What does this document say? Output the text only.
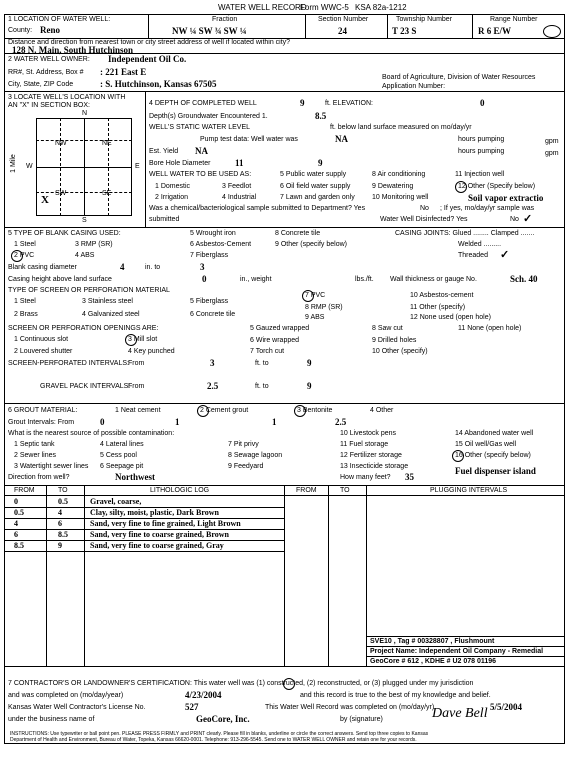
WATER WELL RECORD
Form WWC-5 KSA 82a-1212
1 LOCATION OF WATER WELL:
County: Reno
Fraction
NW ¼ SW ¾ SW ¼
Section Number
24
Township Number
T 23 S
Range Number
R 6 E/W
Distance and direction from nearest town or city street address of well if located within city?
128 N. Main, South Hutchinson
2 WATER WELL OWNER: Independent Oil Co.
RR#, St. Address, Box # : 221 East E
City, State, ZIP Code	: S. Hutchinson, Kansas 67505
Board of Agriculture, Division of Water Resources
Application Number:
3 LOCATE WELL'S LOCATION WITH AN "X" IN SECTION BOX:
N
S
W	E
NW	NE
SW	SE
X
1 Mile
4 DEPTH OF COMPLETED WELL	9	ft. ELEVATION:	0
Depth(s) Groundwater Encountered 1.	8.5
WELL'S STATIC WATER LEVEL	ft. below land surface measured on mo/day/yr
Pump test data: Well water was	NA	hours pumping	gpm
Est. Yield NA	hours pumping	gpm
Bore Hole Diameter	11	9
WELL WATER TO BE USED AS:
1 Domestic	3 Feedlot
5 Public water supply	8 Air conditioning	11 Injection well
2 Irrigation	4 Industrial
6 Oil field water supply	9 Dewatering	12 Other (Specify below)
7 Lawn and garden only 10 Monitoring well	Soil vapor extractio
Was a chemical/bacteriological sample submitted to Department? Yes	No ; If yes, mo/day/yr sample was
submitted	Water Well Disinfected? Yes	No ✓
5 TYPE OF BLANK CASING USED:
1 Steel	3 RMP (SR)
5 Wrought iron	8 Concrete tile
2 PVC	4 ABS
6 Asbestos-Cement	9 Other (specify below)
7 Fiberglass
CASING JOINTS: Glued ........ Clamped .......
Welded .........
Threaded ✓
Blank casing diameter	4	in. to	3
Casing height above land surface	0	in., weight	lbs./ft. Wall thickness or gauge No.	Sch. 40
TYPE OF SCREEN OR PERFORATION MATERIAL
1 Steel	3 Stainless steel	5 Fiberglass
7 PVC	10 Asbestos-cement
2 Brass	4 Galvanized steel	6 Concrete tile
8 RMP (SR)	11 Other (specify)
9 ABS	12 None used (open hole)
SCREEN OR PERFORATION OPENINGS ARE:
1 Continuous slot	3 Mill slot
5 Gauzed wrapped	8 Saw cut	11 None (open hole)
2 Louvered shutter	4 Key punched
6 Wire wrapped	9 Drilled holes
7 Torch cut	10 Other (specify)
SCREEN-PERFORATED INTERVALS: From	3	ft. to	9
GRAVEL PACK INTERVALS:
From	2.5	ft. to	9
6 GROUT MATERIAL:	1 Neat cement	2 Cement grout	3 Bentonite	4 Other
Grout Intervals: From	0	1	1	2.5
What is the nearest source of possible contamination:
1 Septic tank	4 Lateral lines	7 Pit privy
10 Livestock pens	14 Abandoned water well
2 Sewer lines	5 Cess pool	8 Sewage lagoon
11 Fuel storage	15 Oil well/Gas well
3 Watertight sewer lines 6 Seepage pit	9 Feedyard
12 Fertilizer storage	16 Other (specify below)
13 Insecticide storage
Direction from well?	Northwest	How many feet? 35
Fuel dispenser island
FROM	TO	LITHOLOGIC LOG	FROM	TO	PLUGGING INTERVALS
0	0.5	Gravel, coarse,
0.5	4	Clay, silty, moist, plastic, Dark Brown
4	6	Sand, very fine to fine grained, Light Brown
6	8.5	Sand, very fine to coarse grained, Brown
8.5	9	Sand, very fine to coarse grained, Gray
SVE10 , Tag # 00328807 , Flushmount
Project Name: Independent Oil Company - Remedial
GeoCore # 612 , KDHE # U2 078 01196
7 CONTRACTOR'S OR LANDOWNER'S CERTIFICATION: This water well was (1) constructed, (2) reconstructed, or (3) plugged under my jurisdiction
and was completed on (mo/day/year)	4/23/2004	and this record is true to the best of my knowledge and belief.
Kansas Water Well Contractor's License No.	527	This Water Well Record was completed on (mo/day/yr)	5/5/2004
under the business name of	GeoCore, Inc.	by (signature)	Dave Bell
INSTRUCTIONS: Use typewriter or ball point pen. PLEASE PRESS FIRMLY and PRINT clearly. Please fill in blanks, underline or circle the correct answers. Send top three copies to Kansas
Department of Health and Environment, Bureau of Water, Topeka, Kansas 66620-0001. Telephone: 913-296-5545. Send one to WATER WELL OWNER and retain one for your records.
